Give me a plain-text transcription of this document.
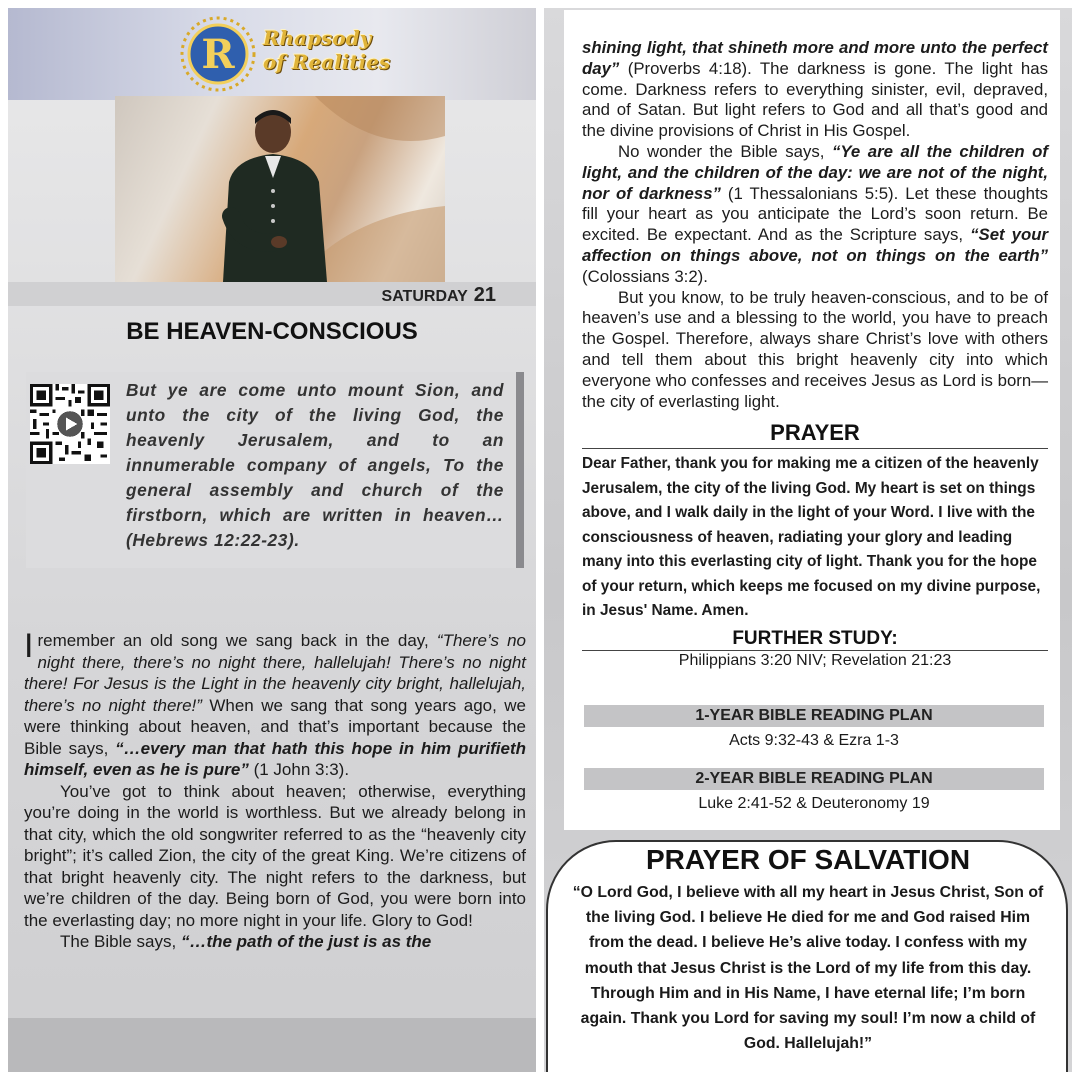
R Rhapsody
of Realities
SATURDAY 21
BE HEAVEN-CONSCIOUS
But ye are come unto mount Sion, and unto the city of the living God, the heavenly Jerusalem, and to an innumerable company of angels, To the general assembly and church of the firstborn, which are written in heaven… (Hebrews 12:22-23).

Iremember an old song we sang back in the day, “There’s no night there, there’s no night there, hallelujah! There’s no night there! For Jesus is the Light in the heavenly city bright, hallelujah, there’s no night there!” When we sang that song years ago, we were thinking about heaven, and that’s important because the Bible says, “…every man that hath this hope in him purifieth himself, even as he is pure” (1 John 3:3).

You’ve got to think about heaven; otherwise, everything you’re doing in the world is worthless. But we already belong in that city, which the old songwriter referred to as the “heavenly city bright”; it’s called Zion, the city of the great King. We’re citizens of that bright heavenly city. The night refers to the darkness, but we’re children of the day. Being born of God, you were born into the everlasting day; no more night in your life. Glory to God!

The Bible says, “…the path of the just is as the

shining light, that shineth more and more unto the perfect day” (Proverbs 4:18). The darkness is gone. The light has come. Darkness refers to everything sinister, evil, depraved, and of Satan. But light refers to God and all that’s good and the divine provisions of Christ in His Gospel.

No wonder the Bible says, “Ye are all the children of light, and the children of the day: we are not of the night, nor of darkness” (1 Thessalonians 5:5). Let these thoughts fill your heart as you anticipate the Lord’s soon return. Be excited. Be expectant. And as the Scripture says, “Set your affection on things above, not on things on the earth” (Colossians 3:2).

But you know, to be truly heaven-conscious, and to be of heaven’s use and a blessing to the world, you have to preach the Gospel. Therefore, always share Christ’s love with others and tell them about this bright heavenly city into which everyone who confesses and receives Jesus as Lord is born—the city of everlasting light.

PRAYER
Dear Father, thank you for making me a citizen of the heavenly Jerusalem, the city of the living God. My heart is set on things above, and I walk daily in the light of your Word. I live with the consciousness of heaven, radiating your glory and leading many into this everlasting city of light. Thank you for the hope of your return, which keeps me focused on my divine purpose, in Jesus' Name. Amen.
FURTHER STUDY:
Philippians 3:20 NIV; Revelation 21:23
1-YEAR BIBLE READING PLAN
Acts 9:32-43 & Ezra 1-3
2-YEAR BIBLE READING PLAN
Luke 2:41-52 & Deuteronomy 19
PRAYER OF SALVATION
“O Lord God, I believe with all my heart in Jesus Christ, Son of the living God. I believe He died for me and God raised Him from the dead. I believe He’s alive today. I confess with my mouth that Jesus Christ is the Lord of my life from this day. Through Him and in His Name, I have eternal life; I’m born again. Thank you Lord for saving my soul! I’m now a child of God. Hallelujah!”
